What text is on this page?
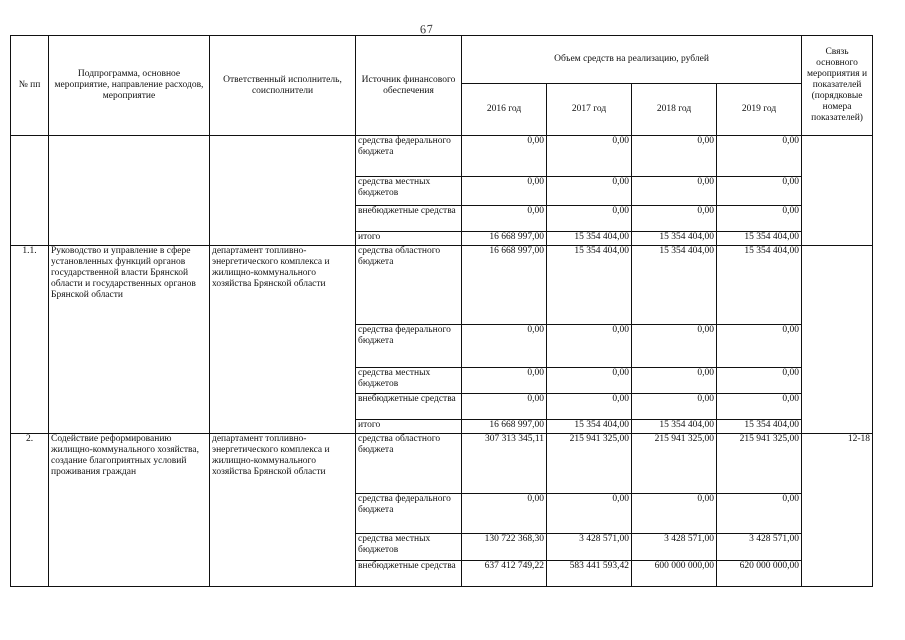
67
№ пп	Подпрограмма, основное мероприятие, направление расходов, мероприятие	Ответственный исполнитель, соисполнители	Источник финансового обеспечения	Объем средств на реализацию, рублей				Связь основного мероприятия и показателей (порядковые номера показателей)
				2016 год	2017 год	2018 год	2019 год	
			средства федерального бюджета	0,00	0,00	0,00	0,00	
			средства местных бюджетов	0,00	0,00	0,00	0,00	
			внебюджетные средства	0,00	0,00	0,00	0,00	
			итого	16 668 997,00	15 354 404,00	15 354 404,00	15 354 404,00	
1.1.	Руководство и управление в сфере установленных функций органов государственной власти Брянской области и государственных органов Брянской области	департамент топливно-энергетического комплекса и жилищно-коммунального хозяйства Брянской области	средства областного бюджета	16 668 997,00	15 354 404,00	15 354 404,00	15 354 404,00	
			средства федерального бюджета	0,00	0,00	0,00	0,00	
			средства местных бюджетов	0,00	0,00	0,00	0,00	
			внебюджетные средства	0,00	0,00	0,00	0,00	
			итого	16 668 997,00	15 354 404,00	15 354 404,00	15 354 404,00	
2.	Содействие реформированию жилищно-коммунального хозяйства, создание благоприятных условий проживания граждан	департамент топливно-энергетического комплекса и жилищно-коммунального хозяйства Брянской области	средства областного бюджета	307 313 345,11	215 941 325,00	215 941 325,00	215 941 325,00	12-18
			средства федерального бюджета	0,00	0,00	0,00	0,00	
			средства местных бюджетов	130 722 368,30	3 428 571,00	3 428 571,00	3 428 571,00	
			внебюджетные средства	637 412 749,22	583 441 593,42	600 000 000,00	620 000 000,00	
